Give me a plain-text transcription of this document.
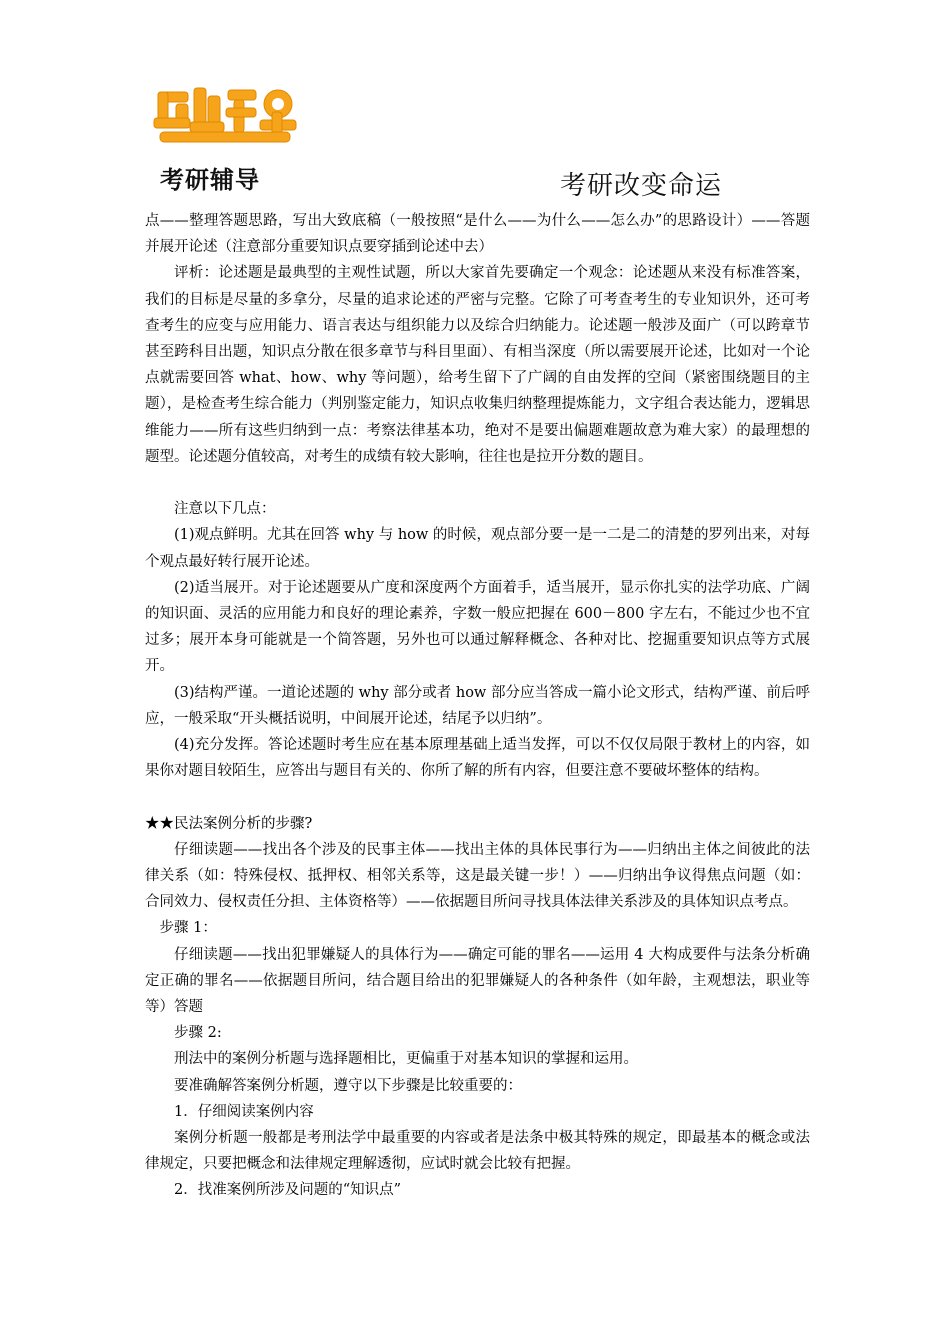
考研辅导	考研改变命运

点——整理答题思路，写出大致底稿（一般按照“是什么——为什么——怎么办”的思路设计）——答题并展开论述（注意部分重要知识点要穿插到论述中去）

评析：论述题是最典型的主观性试题，所以大家首先要确定一个观念：论述题从来没有标准答案，我们的目标是尽量的多拿分，尽量的追求论述的严密与完整。它除了可考查考生的专业知识外，还可考查考生的应变与应用能力、语言表达与组织能力以及综合归纳能力。论述题一般涉及面广（可以跨章节甚至跨科目出题，知识点分散在很多章节与科目里面）、有相当深度（所以需要展开论述，比如对一个论点就需要回答 what、how、why 等问题），给考生留下了广阔的自由发挥的空间（紧密围绕题目的主题），是检查考生综合能力（判别鉴定能力，知识点收集归纳整理提炼能力，文字组合表达能力，逻辑思维能力——所有这些归纳到一点：考察法律基本功，绝对不是要出偏题难题故意为难大家）的最理想的题型。论述题分值较高，对考生的成绩有较大影响，往往也是拉开分数的题目。

注意以下几点：

(1)观点鲜明。尤其在回答 why 与 how 的时候，观点部分要一是一二是二的清楚的罗列出来，对每个观点最好转行展开论述。

(2)适当展开。对于论述题要从广度和深度两个方面着手，适当展开，显示你扎实的法学功底、广阔的知识面、灵活的应用能力和良好的理论素养，字数一般应把握在 600－800 字左右，不能过少也不宜过多；展开本身可能就是一个简答题，另外也可以通过解释概念、各种对比、挖掘重要知识点等方式展开。

(3)结构严谨。一道论述题的 why 部分或者 how 部分应当答成一篇小论文形式，结构严谨、前后呼应，一般采取“开头概括说明，中间展开论述，结尾予以归纳”。

(4)充分发挥。答论述题时考生应在基本原理基础上适当发挥，可以不仅仅局限于教材上的内容，如果你对题目较陌生，应答出与题目有关的、你所了解的所有内容，但要注意不要破坏整体的结构。

★★民法案例分析的步骤?

仔细读题——找出各个涉及的民事主体——找出主体的具体民事行为——归纳出主体之间彼此的法律关系（如：特殊侵权、抵押权、相邻关系等，这是最关键一步！）——归纳出争议得焦点问题（如：合同效力、侵权责任分担、主体资格等）——依据题目所问寻找具体法律关系涉及的具体知识点考点。

步骤 1：

仔细读题——找出犯罪嫌疑人的具体行为——确定可能的罪名——运用 4 大构成要件与法条分析确定正确的罪名——依据题目所问，结合题目给出的犯罪嫌疑人的各种条件（如年龄，主观想法，职业等等）答题

步骤 2:

刑法中的案例分析题与选择题相比，更偏重于对基本知识的掌握和运用。

要准确解答案例分析题，遵守以下步骤是比较重要的：

1．仔细阅读案例内容

案例分析题一般都是考刑法学中最重要的内容或者是法条中极其特殊的规定，即最基本的概念或法律规定，只要把概念和法律规定理解透彻，应试时就会比较有把握。

2．找准案例所涉及问题的“知识点”
